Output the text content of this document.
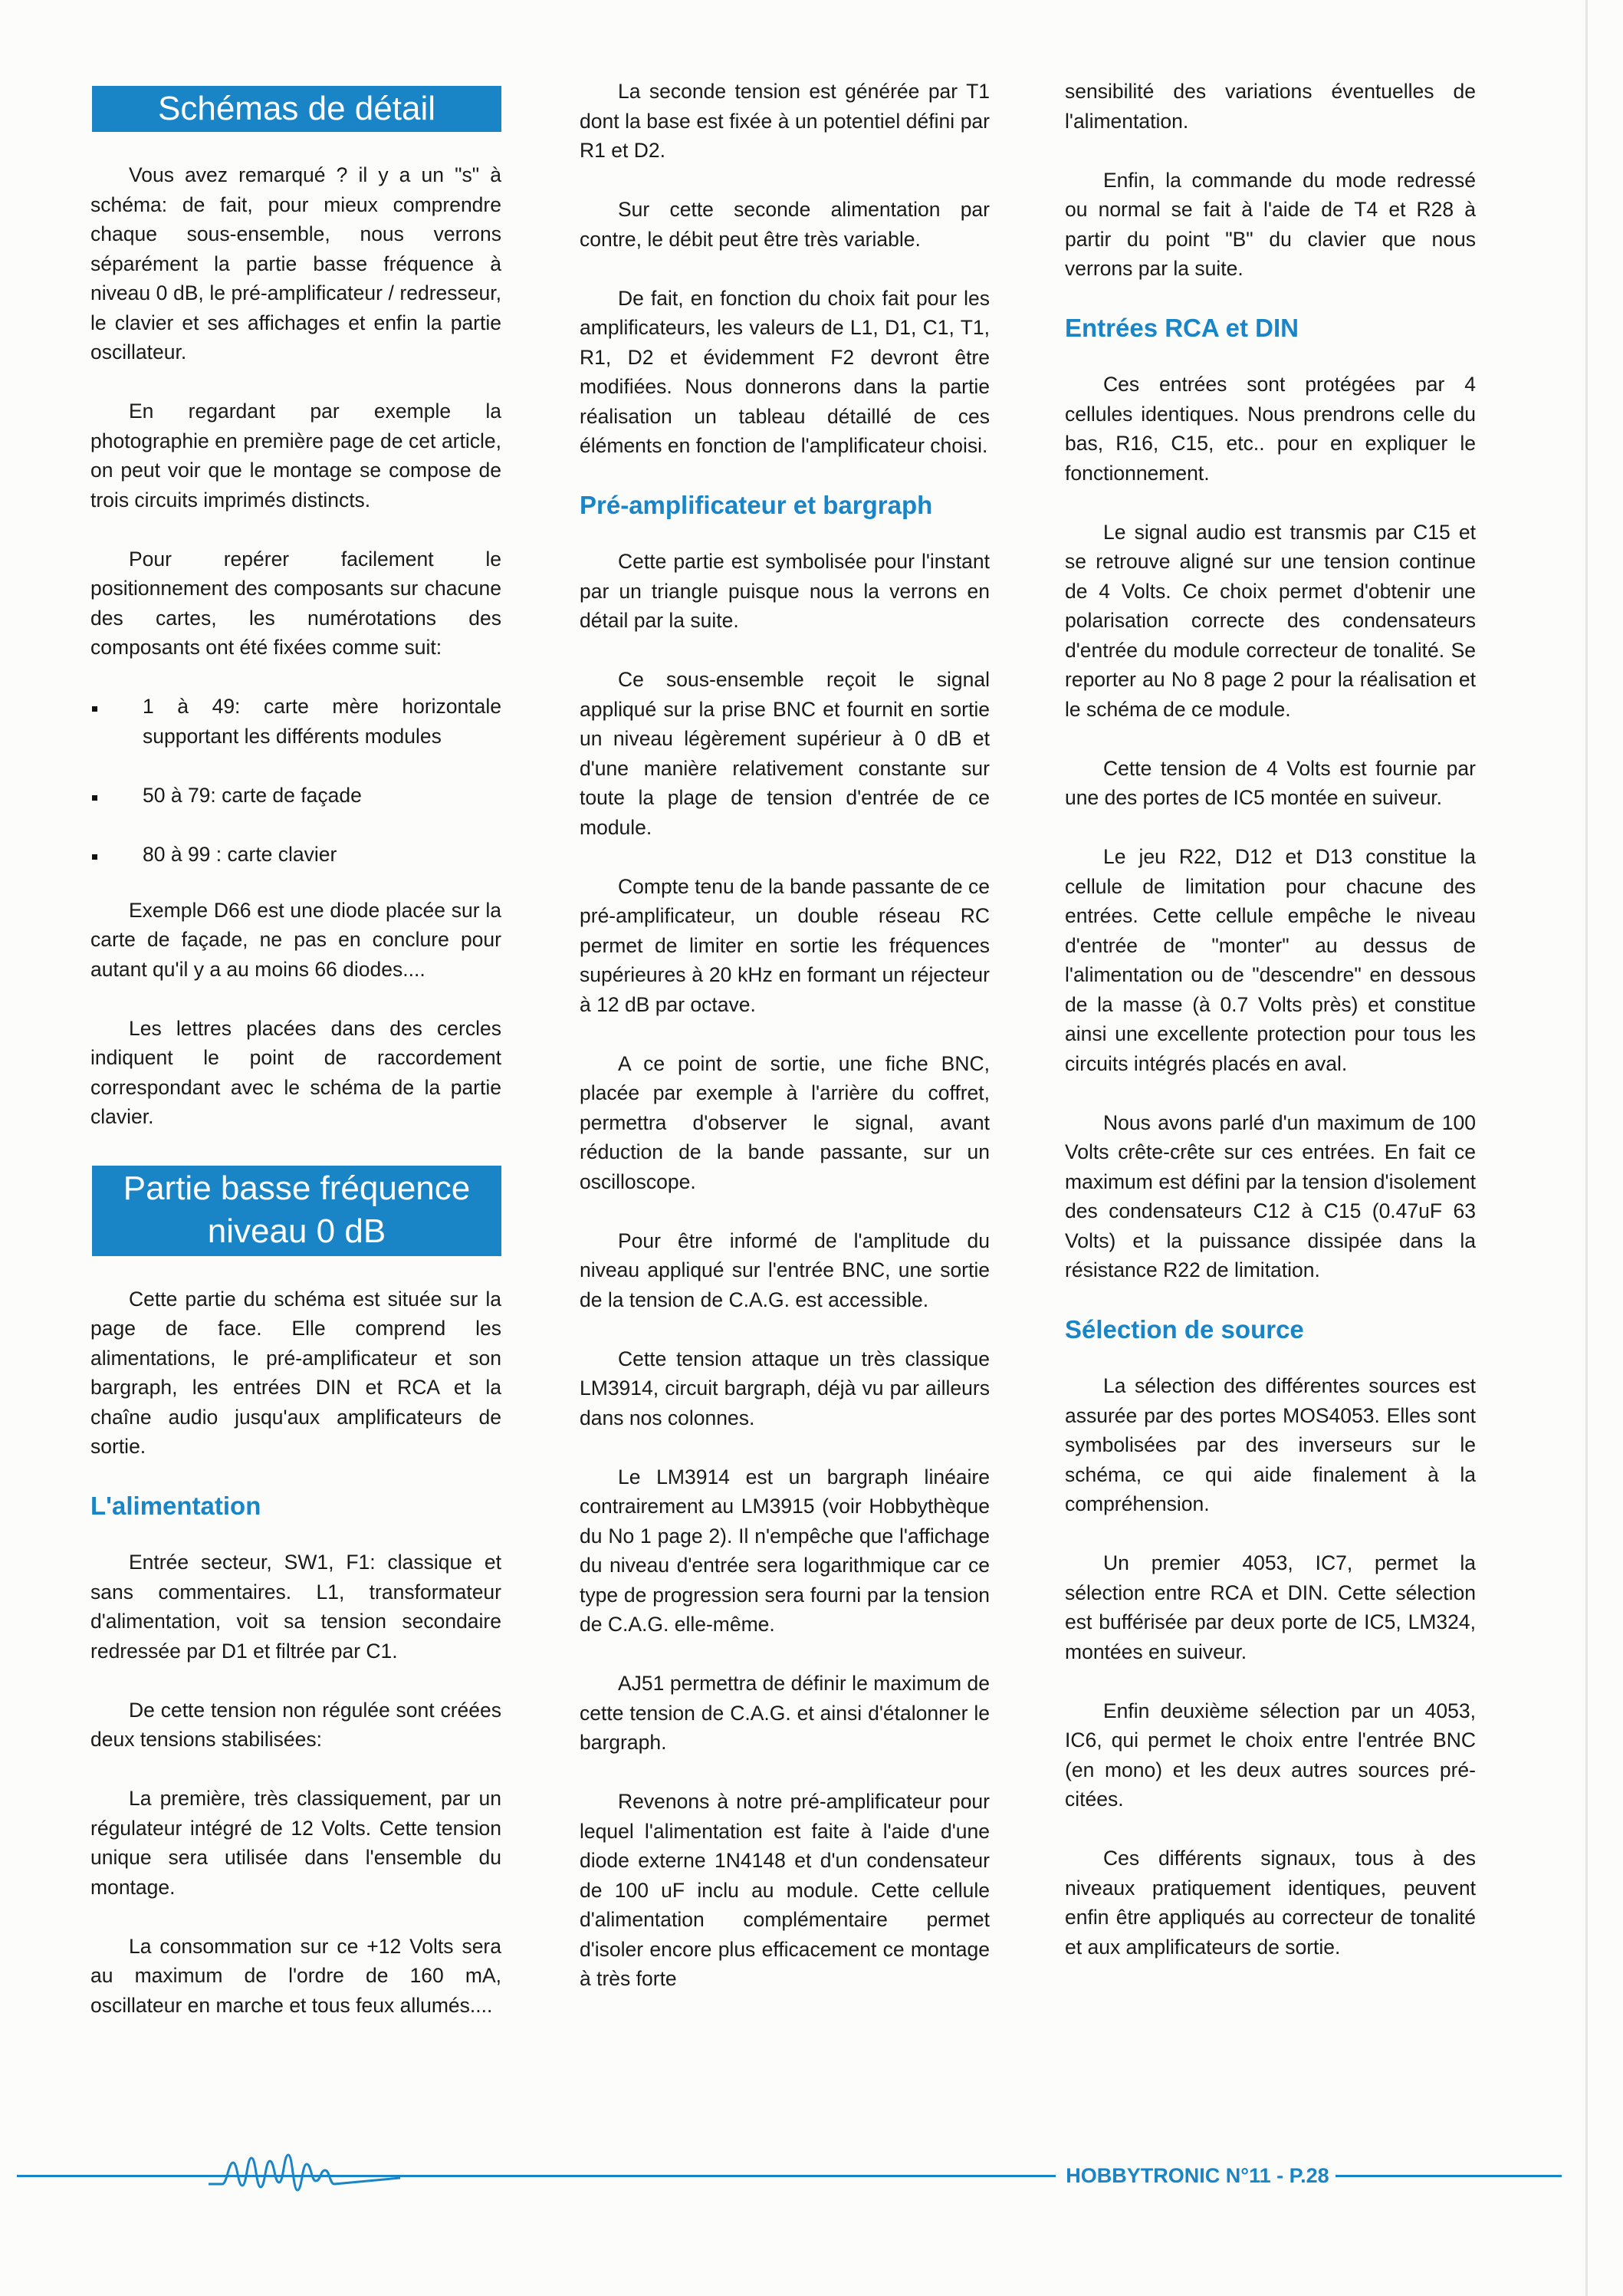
Schémas de détail

Vous avez remarqué ? il y a un "s" à schéma: de fait, pour mieux comprendre chaque sous-ensemble, nous verrons séparément la partie basse fréquence à niveau 0 dB, le pré-amplificateur / redresseur, le clavier et ses affichages et enfin la partie oscillateur.

En regardant par exemple la photographie en première page de cet article, on peut voir que le montage se compose de trois circuits imprimés distincts.

Pour repérer facilement le positionnement des composants sur chacune des cartes, les numérotations des composants ont été fixées comme suit:

1 à 49: carte mère horizontale supportant les différents modules
50 à 79: carte de façade
80 à 99 : carte clavier

Exemple D66 est une diode placée sur la carte de façade, ne pas en conclure pour autant qu'il y a au moins 66 diodes....

Les lettres placées dans des cercles indiquent le point de raccordement correspondant avec le schéma de la partie clavier.

Partie basse fréquence
niveau 0 dB

Cette partie du schéma est située sur la page de face. Elle comprend les alimentations, le pré-amplificateur et son bargraph, les entrées DIN et RCA et la chaîne audio jusqu'aux amplificateurs de sortie.

L'alimentation

Entrée secteur, SW1, F1: classique et sans commentaires. L1, transformateur d'alimentation, voit sa tension secondaire redressée par D1 et filtrée par C1.

De cette tension non régulée sont créées deux tensions stabilisées:

La première, très classiquement, par un régulateur intégré de 12 Volts. Cette tension unique sera utilisée dans l'ensemble du montage.

La consommation sur ce +12 Volts sera au maximum de l'ordre de 160 mA, oscillateur en marche et tous feux allumés....

La seconde tension est générée par T1 dont la base est fixée à un potentiel défini par R1 et D2.

Sur cette seconde alimentation par contre, le débit peut être très variable.

De fait, en fonction du choix fait pour les amplificateurs, les valeurs de L1, D1, C1, T1, R1, D2 et évidemment F2 devront être modifiées. Nous donnerons dans la partie réalisation un tableau détaillé de ces éléments en fonction de l'amplificateur choisi.

Pré-amplificateur et bargraph

Cette partie est symbolisée pour l'instant par un triangle puisque nous la verrons en détail par la suite.

Ce sous-ensemble reçoit le signal appliqué sur la prise BNC et fournit en sortie un niveau légèrement supérieur à 0 dB et d'une manière relativement constante sur toute la plage de tension d'entrée de ce module.

Compte tenu de la bande passante de ce pré-amplificateur, un double réseau RC permet de limiter en sortie les fréquences supérieures à 20 kHz en formant un réjecteur à 12 dB par octave.

A ce point de sortie, une fiche BNC, placée par exemple à l'arrière du coffret, permettra d'observer le signal, avant réduction de la bande passante, sur un oscilloscope.

Pour être informé de l'amplitude du niveau appliqué sur l'entrée BNC, une sortie de la tension de C.A.G. est accessible.

Cette tension attaque un très classique LM3914, circuit bargraph, déjà vu par ailleurs dans nos colonnes.

Le LM3914 est un bargraph linéaire contrairement au LM3915 (voir Hobbythèque du No 1 page 2). Il n'empêche que l'affichage du niveau d'entrée sera logarithmique car ce type de progression sera fourni par la tension de C.A.G. elle-même.

AJ51 permettra de définir le maximum de cette tension de C.A.G. et ainsi d'étalonner le bargraph.

Revenons à notre pré-amplificateur pour lequel l'alimentation est faite à l'aide d'une diode externe 1N4148 et d'un condensateur de 100 uF inclu au module. Cette cellule d'alimentation complémentaire permet d'isoler encore plus efficacement ce montage à très forte

sensibilité des variations éventuelles de l'alimentation.

Enfin, la commande du mode redressé ou normal se fait à l'aide de T4 et R28 à partir du point "B" du clavier que nous verrons par la suite.

Entrées RCA et DIN

Ces entrées sont protégées par 4 cellules identiques. Nous prendrons celle du bas, R16, C15, etc.. pour en expliquer le fonctionnement.

Le signal audio est transmis par C15 et se retrouve aligné sur une tension continue de 4 Volts. Ce choix permet d'obtenir une polarisation correcte des condensateurs d'entrée du module correcteur de tonalité. Se reporter au No 8 page 2 pour la réalisation et le schéma de ce module.

Cette tension de 4 Volts est fournie par une des portes de IC5 montée en suiveur.

Le jeu R22, D12 et D13 constitue la cellule de limitation pour chacune des entrées. Cette cellule empêche le niveau d'entrée de "monter" au dessus de l'alimentation ou de "descendre" en dessous de la masse (à 0.7 Volts près) et constitue ainsi une excellente protection pour tous les circuits intégrés placés en aval.

Nous avons parlé d'un maximum de 100 Volts crête-crête sur ces entrées. En fait ce maximum est défini par la tension d'isolement des condensateurs C12 à C15 (0.47uF 63 Volts) et la puissance dissipée dans la résistance R22 de limitation.

Sélection de source

La sélection des différentes sources est assurée par des portes MOS4053. Elles sont symbolisées par des inverseurs sur le schéma, ce qui aide finalement à la compréhension.

Un premier 4053, IC7, permet la sélection entre RCA et DIN. Cette sélection est bufférisée par deux porte de IC5, LM324, montées en suiveur.

Enfin deuxième sélection par un 4053, IC6, qui permet le choix entre l'entrée BNC (en mono) et les deux autres sources pré-citées.

Ces différents signaux, tous à des niveaux pratiquement identiques, peuvent enfin être appliqués au correcteur de tonalité et aux amplificateurs de sortie.

HOBBYTRONIC N°11 - P.28
